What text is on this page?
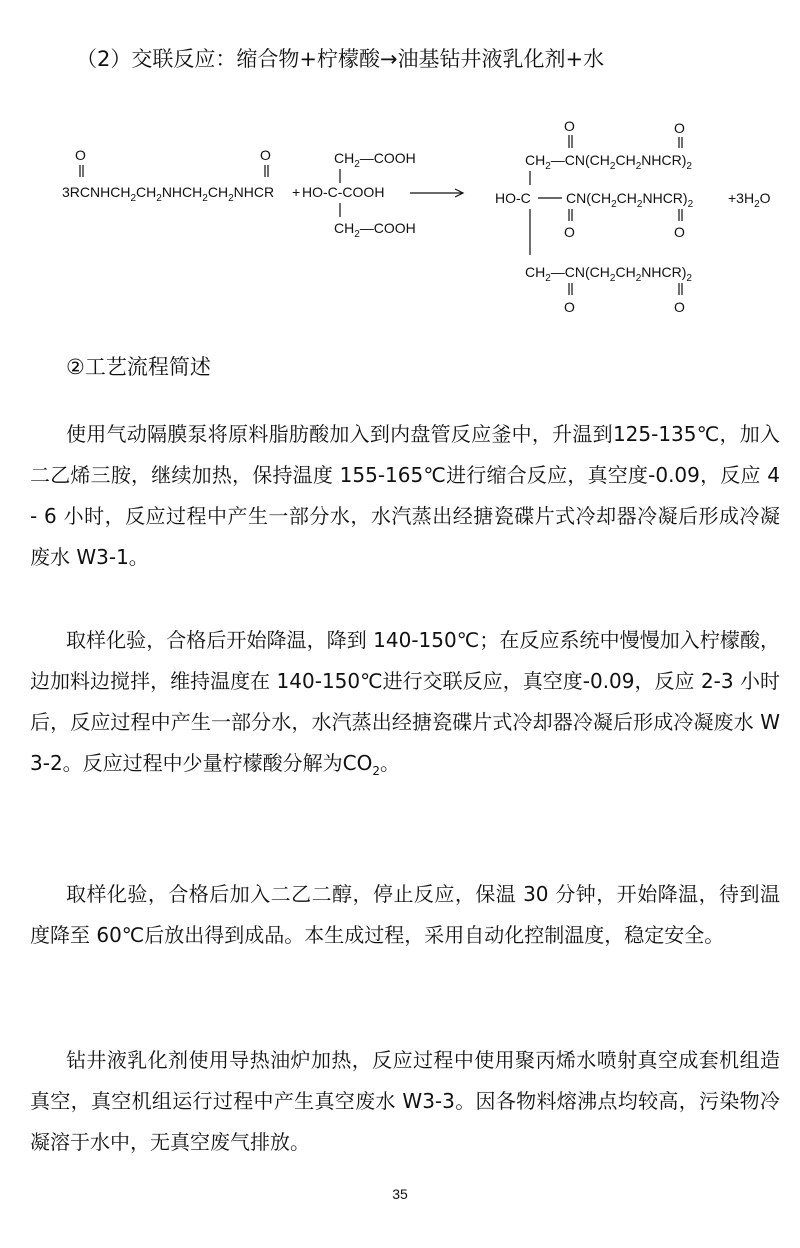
（2）交联反应：缩合物+柠檬酸→油基钻井液乳化剂+水
O	O
$3RCNHCH_2CH_2NHCH_2CH_2NHCR$ +
$CH_2—COOH$
HO-C-COOH
$CH_2—COOH$
O	O
$CH_2—CN(CH_2CH_2NHCR)_2$
HO-C	$CN(CH_2CH_2NHCR)_2 +3H_2O$
O	O
$CH_2—CN(CH_2CH_2NHCR)_2$
O	O
②工艺流程简述
使用气动隔膜泵将原料脂肪酸加入到内盘管反应釜中，升温到125-135℃，加入二乙烯三胺，继续加热，保持温度 155-165℃进行缩合反应，真空度-0.09，反应 4- 6 小时，反应过程中产生一部分水，水汽蒸出经搪瓷碟片式冷却器冷凝后形成冷凝废水 W3-1。
取样化验，合格后开始降温，降到 140-150℃；在反应系统中慢慢加入柠檬酸，边加料边搅拌，维持温度在 140-150℃进行交联反应，真空度-0.09，反应 2-3 小时后，反应过程中产生一部分水，水汽蒸出经搪瓷碟片式冷却器冷凝后形成冷凝废水 W3-2。反应过程中少量柠檬酸分解为$CO_2$。
取样化验，合格后加入二乙二醇，停止反应，保温 30 分钟，开始降温，待到温度降至 60℃后放出得到成品。本生成过程，采用自动化控制温度，稳定安全。
钻井液乳化剂使用导热油炉加热，反应过程中使用聚丙烯水喷射真空成套机组造真空，真空机组运行过程中产生真空废水 W3-3。因各物料熔沸点均较高，污染物冷凝溶于水中，无真空废气排放。
35
